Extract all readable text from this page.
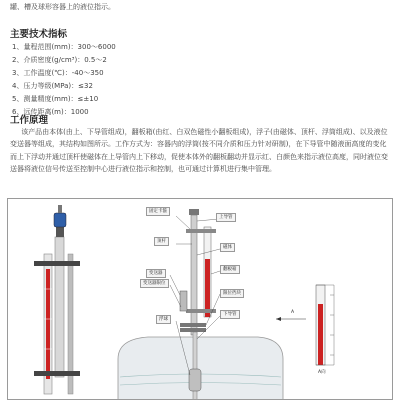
罐、槽及球形容器上的液位指示。
主要技术指标
1、量程范围(mm)：300～6000
2、介质密度(g/cm³)：0.5～2
3、工作温度(℃)：-40～350
4、压力等级(MPa)：≤32
5、测量精度(mm)：≤±10
6、远传距离(m)：1000
工作原理
该产品由本体(由上、下导管组成)，翻板箱(由红、白双色磁性小翻板组成)，浮子(由磁体、顶杆、浮筒组成)、以及液位变送器等组成，其结构如图所示。工作方式为：容器内的浮筒(按不同介质和压力针对研制)，在下导管中随液面高度的变化而上下浮动并通过顶杆使磁体在上导管内上下移动，促使本体外的翻板翻动并显示红、白颜色来指示液位高度，同时液位变送器将液位信号传送至控制中心进行液位指示和控制，也可通过计算机进行集中管理。
固定卡箍
上导管
顶杆
磁体
翻板箱
变送器
变送器限位
限位挡块
浮球
下导管	A
A向
